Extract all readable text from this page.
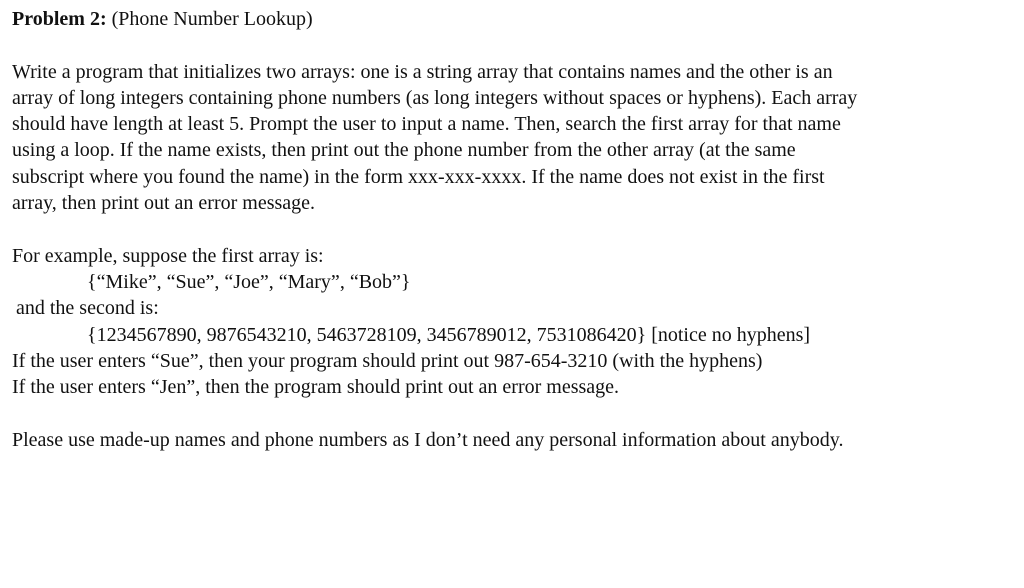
Problem 2: (Phone Number Lookup)
Write a program that initializes two arrays: one is a string array that contains names and the other is an
array of long integers containing phone numbers (as long integers without spaces or hyphens). Each array
should have length at least 5. Prompt the user to input a name. Then, search the first array for that name
using a loop. If the name exists, then print out the phone number from the other array (at the same
subscript where you found the name) in the form xxx-xxx-xxxx. If the name does not exist in the first
array, then print out an error message.
For example, suppose the first array is:
{“Mike”, “Sue”, “Joe”, “Mary”, “Bob”}
and the second is:
{1234567890, 9876543210, 5463728109, 3456789012, 7531086420} [notice no hyphens]
If the user enters “Sue”, then your program should print out 987-654-3210 (with the hyphens)
If the user enters “Jen”, then the program should print out an error message.
Please use made-up names and phone numbers as I don’t need any personal information about anybody.
